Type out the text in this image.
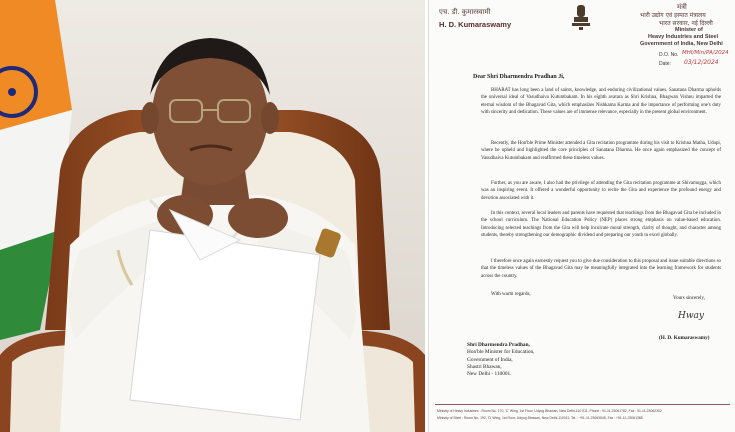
एच. डी. कुमारस्वामी
H. D. Kumaraswamy
मंत्री
भारी उद्योग एवं इस्पात मंत्रालय
भारत सरकार, नई दिल्ली
Minister of
Heavy Industries and Steel
Government of India, New Delhi
D.O. No. MHI/Min/PA/2024
Date: 03/12/2024
Dear Shri Dharmendra Pradhan Ji,
BHARAT has long been a land of saints, knowledge, and enduring civilizational values. Sanatana Dharma upholds the universal ideal of Vasudhaiva Kutumbakam. In his eighth avatara as Shri Krishna, Bhagwan Vishnu imparted the eternal wisdom of the Bhagavad Gita, which emphasizes Nishkama Karma and the importance of performing one's duty with sincerity and dedication. These values are of immense relevance, especially in the present global environment.
Recently, the Hon'ble Prime Minister attended a Gita recitation programme during his visit to Krishna Matha, Udupi, where he upheld and highlighted the core principles of Sanatana Dharma. He once again emphasized the concept of Vasudhaiva Kutumbakam and reaffirmed these timeless values.
Further, as you are aware, I also had the privilege of attending the Gita recitation programme at Shivamogga, which was an inspiring event. It offered a wonderful opportunity to recite the Gita and experience the profound energy and devotion associated with it.
In this context, several local leaders and parents have requested that teachings from the Bhagavad Gita be included in the school curriculum. The National Education Policy (NEP) places strong emphasis on value-based education. Introducing selected teachings from the Gita will help inculcate moral strength, clarity of thought, and character among students, thereby strengthening our demographic dividend and preparing our youth to excel globally.
I therefore once again earnestly request you to give due consideration to this proposal and issue suitable directions so that the timeless values of the Bhagavad Gita may be meaningfully integrated into the learning framework for students across the country.
With warm regards,
Yours sincerely,
Hway
(H. D. Kumaraswamy)
Shri Dharmendra Pradhan,
Hon'ble Minister for Education,
Government of India,
Shastri Bhawan,
New Delhi - 110001.
Ministry of Heavy Industries : Room No. 170, 'C' Wing, 1st Floor, Udyog Bhawan, New Delhi-110 011, Phone : 91-11-23061782, Fax : 91-11-23062302
Ministry of Steel : Room No. 192, 'D' Wing, 1st Floor, Udyog Bhawan, New Delhi-110011, Tel. : +91-11-23063548, Fax : +91-11-23061385
